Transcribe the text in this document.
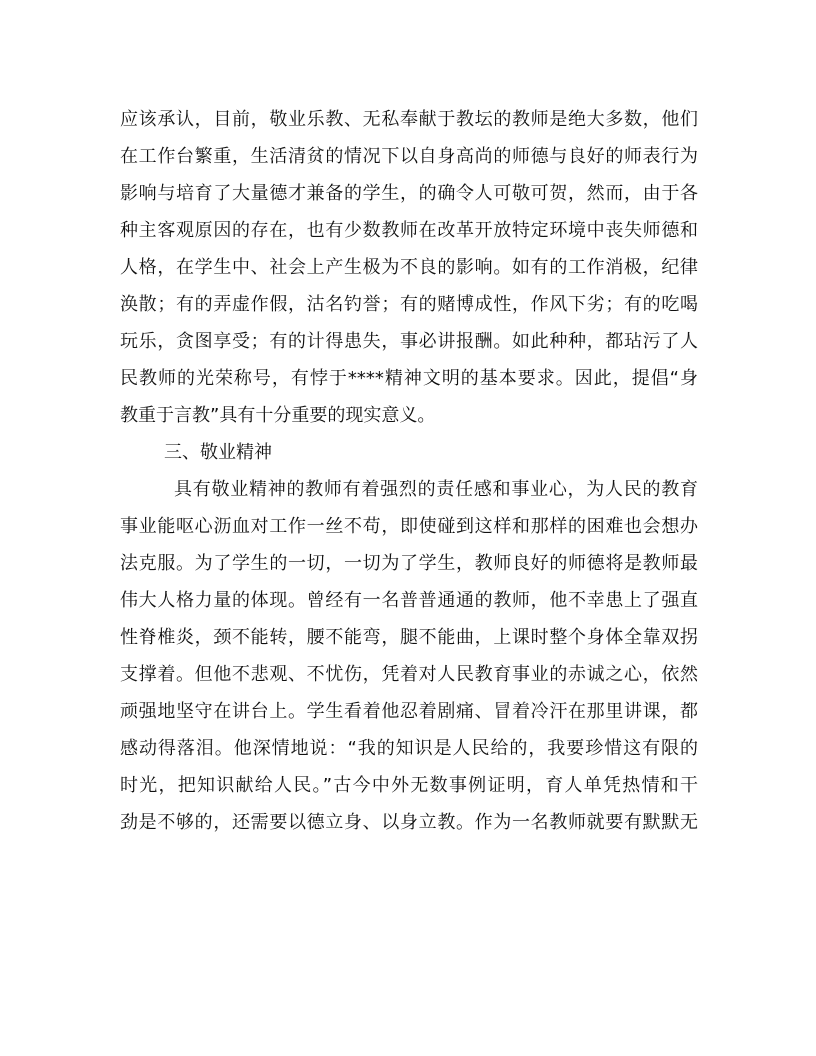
应该承认，目前，敬业乐教、无私奉献于教坛的教师是绝大多数，他们
在工作台繁重，生活清贫的情况下以自身高尚的师德与良好的师表行为
影响与培育了大量德才兼备的学生，的确令人可敬可贺，然而，由于各
种主客观原因的存在，也有少数教师在改革开放特定环境中丧失师德和
人格，在学生中、社会上产生极为不良的影响。如有的工作消极，纪律
涣散；有的弄虚作假，沽名钓誉；有的赌博成性，作风下劣；有的吃喝
玩乐，贪图享受；有的计得患失，事必讲报酬。如此种种，都玷污了人
民教师的光荣称号，有悖于****精神文明的基本要求。因此，提倡“身
教重于言教”具有十分重要的现实意义。
三、敬业精神
具有敬业精神的教师有着强烈的责任感和事业心，为人民的教育
事业能呕心沥血对工作一丝不苟，即使碰到这样和那样的困难也会想办
法克服。为了学生的一切，一切为了学生，教师良好的师德将是教师最
伟大人格力量的体现。曾经有一名普普通通的教师，他不幸患上了强直
性脊椎炎，颈不能转，腰不能弯，腿不能曲，上课时整个身体全靠双拐
支撑着。但他不悲观、不忧伤，凭着对人民教育事业的赤诚之心，依然
顽强地坚守在讲台上。学生看着他忍着剧痛、冒着冷汗在那里讲课，都
感动得落泪。他深情地说：“我的知识是人民给的，我要珍惜这有限的
时光，把知识献给人民。”古今中外无数事例证明，育人单凭热情和干
劲是不够的，还需要以德立身、以身立教。作为一名教师就要有默默无
